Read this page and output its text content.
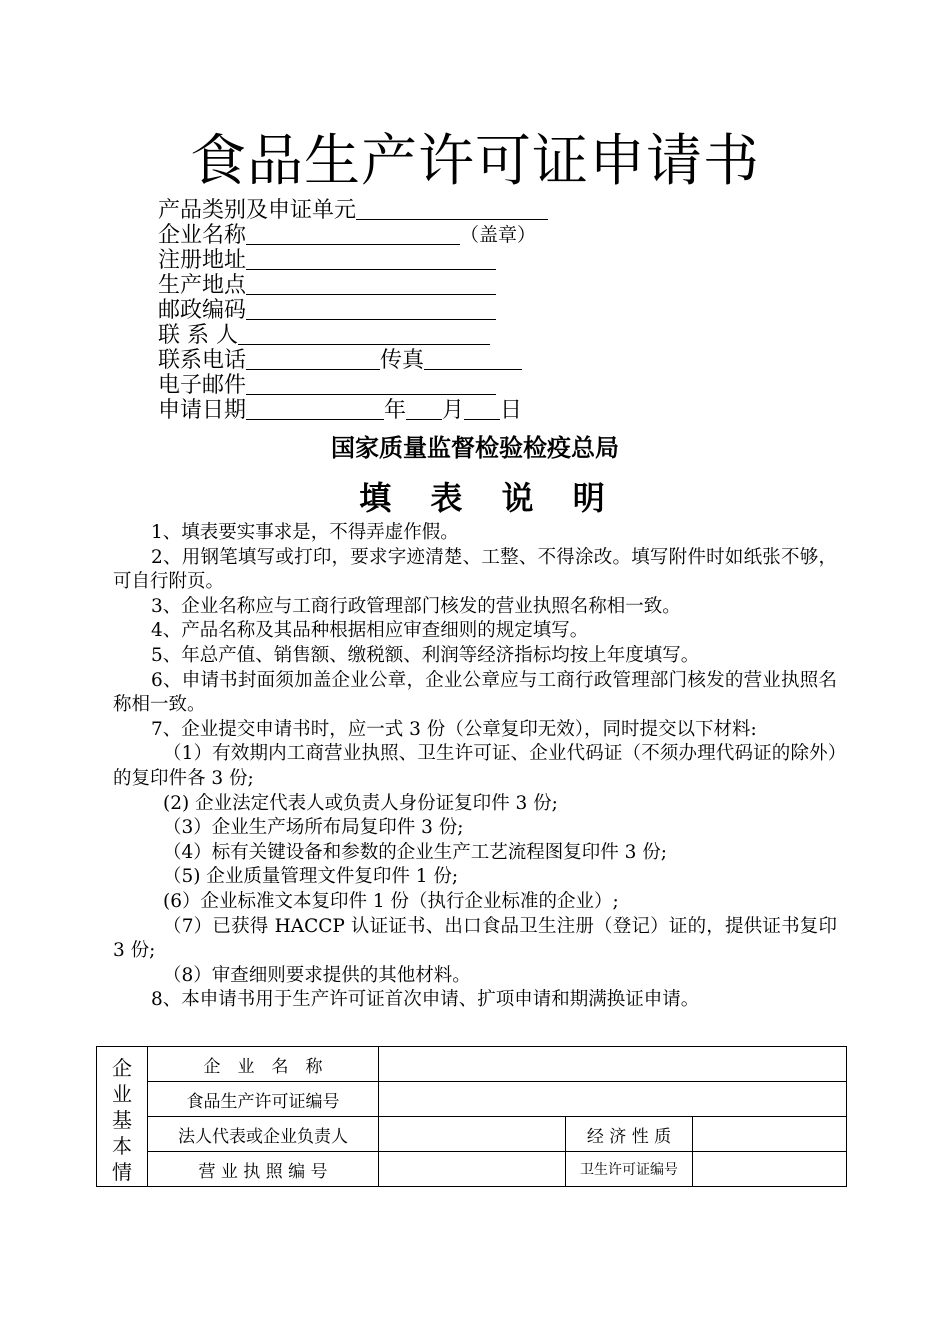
食品生产许可证申请书
产品类别及申证单元
企业名称	（盖章）
注册地址
生产地点
邮政编码
联 系 人
联系电话	传真
电子邮件
申请日期	年 月 日
国家质量监督检验检疫总局
填 表 说 明

1、填表要实事求是，不得弄虚作假。

2、用钢笔填写或打印，要求字迹清楚、工整、不得涂改。填写附件时如纸张不够，可自行附页。

3、企业名称应与工商行政管理部门核发的营业执照名称相一致。

4、产品名称及其品种根据相应审查细则的规定填写。

5、年总产值、销售额、缴税额、利润等经济指标均按上年度填写。

6、申请书封面须加盖企业公章，企业公章应与工商行政管理部门核发的营业执照名称相一致。

7、企业提交申请书时，应一式 3 份（公章复印无效），同时提交以下材料:

（1）有效期内工商营业执照、卫生许可证、企业代码证（不须办理代码证的除外）的复印件各 3 份;

(2) 企业法定代表人或负责人身份证复印件 3 份;

（3）企业生产场所布局复印件 3 份;

（4）标有关键设备和参数的企业生产工艺流程图复印件 3 份;

（5) 企业质量管理文件复印件 1 份;

(6）企业标准文本复印件 1 份（执行企业标准的企业）;

（7）已获得 HACCP 认证证书、出口食品卫生注册（登记）证的，提供证书复印 3 份;

（8）审查细则要求提供的其他材料。

8、本申请书用于生产许可证首次申请、扩项申请和期满换证申请。

企业基本情	企　业　名　称			
	食品生产许可证编号			
	法人代表或企业负责人		经 济 性 质	
	营 业 执 照 编 号		卫生许可证编号	
